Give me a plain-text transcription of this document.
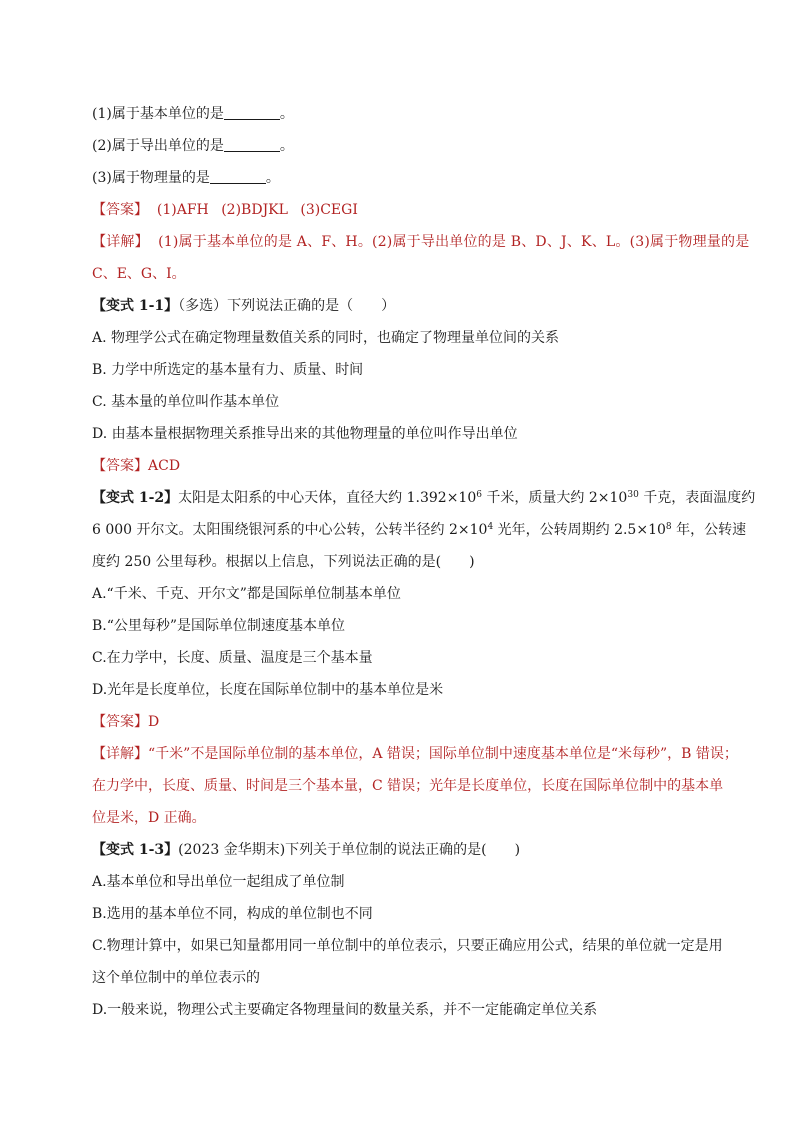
(1)属于基本单位的是	。
(2)属于导出单位的是	。
(3)属于物理量的是	。
【答案】 (1)AFH (2)BDJKL (3)CEGI
【详解】 (1)属于基本单位的是 A、F、H。(2)属于导出单位的是 B、D、J、K、L。(3)属于物理量的是
C、E、G、I。
【变式 1-1】（多选）下列说法正确的是（　　）
A. 物理学公式在确定物理量数值关系的同时，也确定了物理量单位间的关系
B. 力学中所选定的基本量有力、质量、时间
C. 基本量的单位叫作基本单位
D. 由基本量根据物理关系推导出来的其他物理量的单位叫作导出单位
【答案】ACD
【变式 1-2】太阳是太阳系的中心天体，直径大约 $1.392\times 10^6$ 千米，质量大约 $2\times 10^{30}$ 千克，表面温度约
6 000 开尔文。太阳围绕银河系的中心公转，公转半径约 $2\times 10^4$ 光年，公转周期约 $2.5\times 10^8$ 年，公转速
度约 250 公里每秒。根据以上信息，下列说法正确的是(　　)
A.“千米、千克、开尔文”都是国际单位制基本单位
B.“公里每秒”是国际单位制速度基本单位
C.在力学中，长度、质量、温度是三个基本量
D.光年是长度单位，长度在国际单位制中的基本单位是米
【答案】D
【详解】“千米”不是国际单位制的基本单位，A 错误；国际单位制中速度基本单位是“米每秒”，B 错误；
在力学中，长度、质量、时间是三个基本量，C 错误；光年是长度单位，长度在国际单位制中的基本单
位是米，D 正确。
【变式 1-3】(2023 金华期末)下列关于单位制的说法正确的是(　　)
A.基本单位和导出单位一起组成了单位制
B.选用的基本单位不同，构成的单位制也不同
C.物理计算中，如果已知量都用同一单位制中的单位表示，只要正确应用公式，结果的单位就一定是用
这个单位制中的单位表示的
D.一般来说，物理公式主要确定各物理量间的数量关系，并不一定能确定单位关系
